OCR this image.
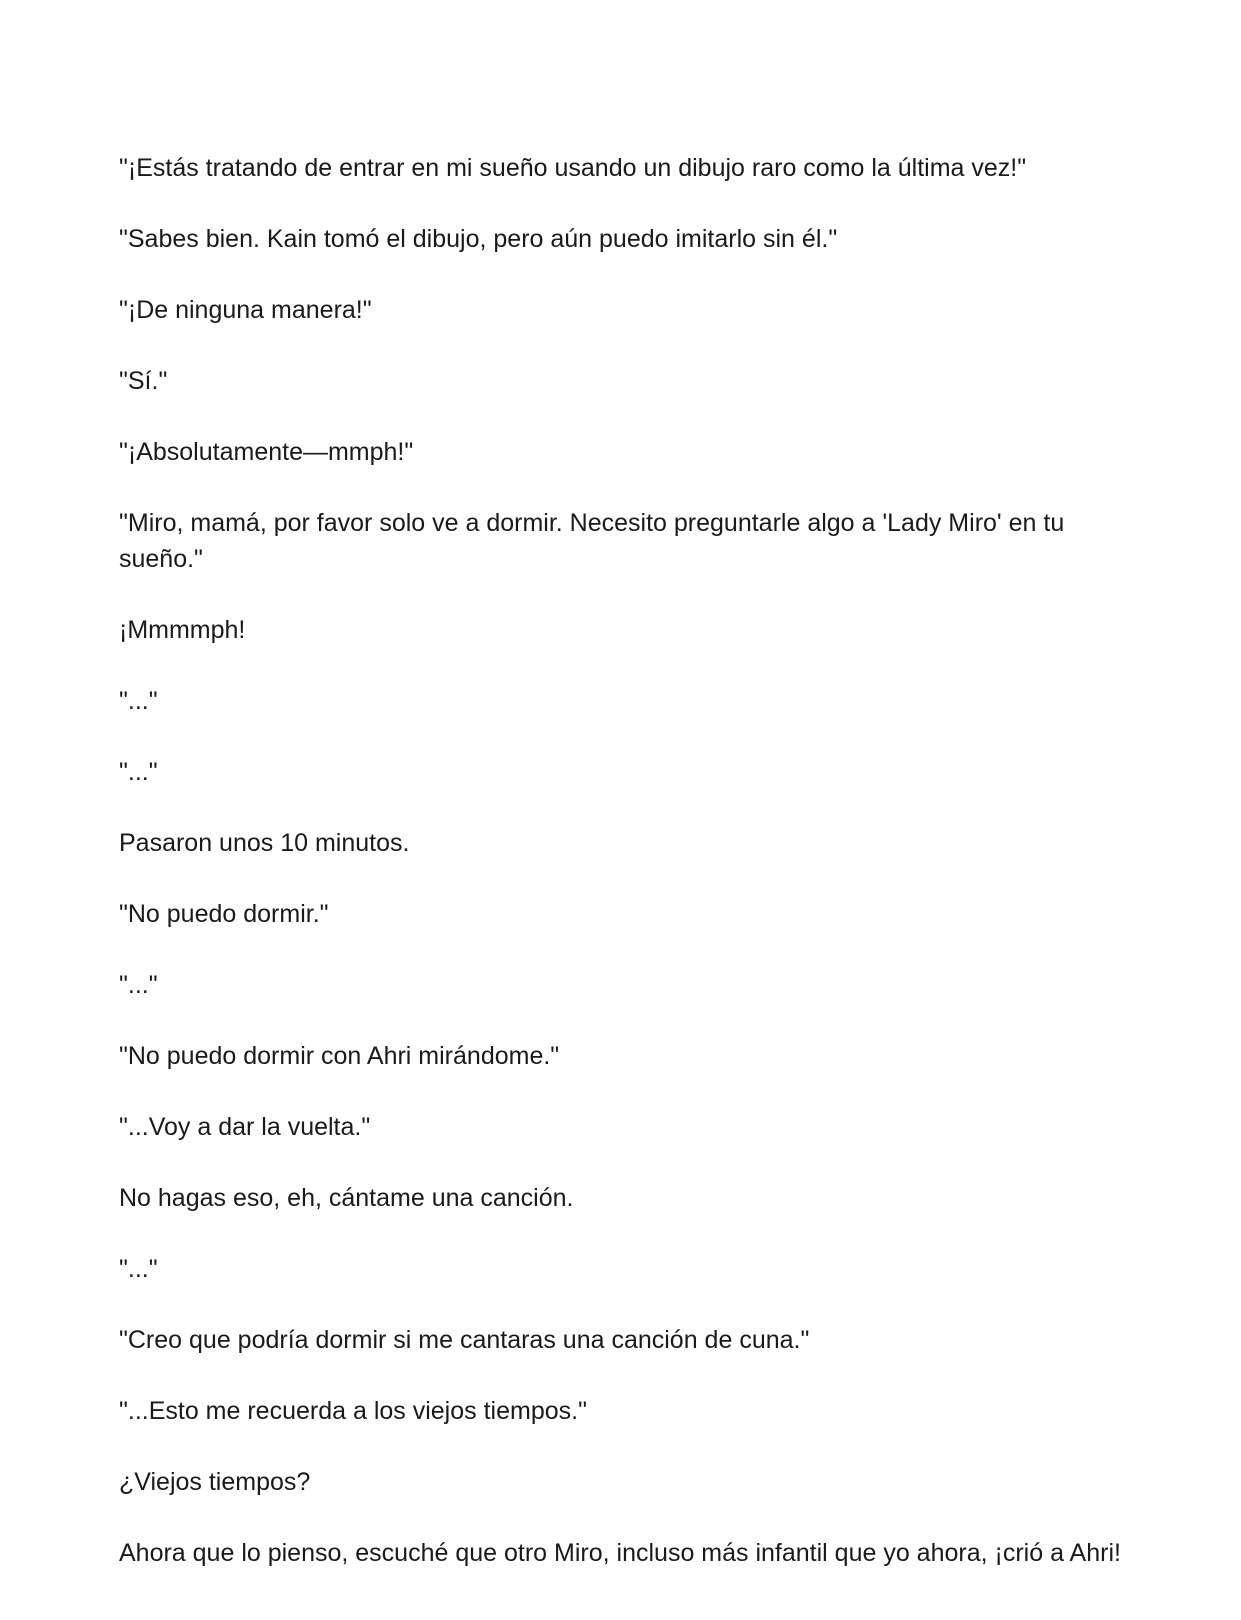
"¡Estás tratando de entrar en mi sueño usando un dibujo raro como la última vez!"

"Sabes bien. Kain tomó el dibujo, pero aún puedo imitarlo sin él."

"¡De ninguna manera!"

"Sí."

"¡Absolutamente—mmph!"

"Miro, mamá, por favor solo ve a dormir. Necesito preguntarle algo a 'Lady Miro' en tu sueño."

¡Mmmmph!

"..."

"..."

Pasaron unos 10 minutos.

"No puedo dormir."

"..."

"No puedo dormir con Ahri mirándome."

"...Voy a dar la vuelta."

No hagas eso, eh, cántame una canción.

"..."

"Creo que podría dormir si me cantaras una canción de cuna."

"...Esto me recuerda a los viejos tiempos."

¿Viejos tiempos?

Ahora que lo pienso, escuché que otro Miro, incluso más infantil que yo ahora, ¡crió a Ahri!
